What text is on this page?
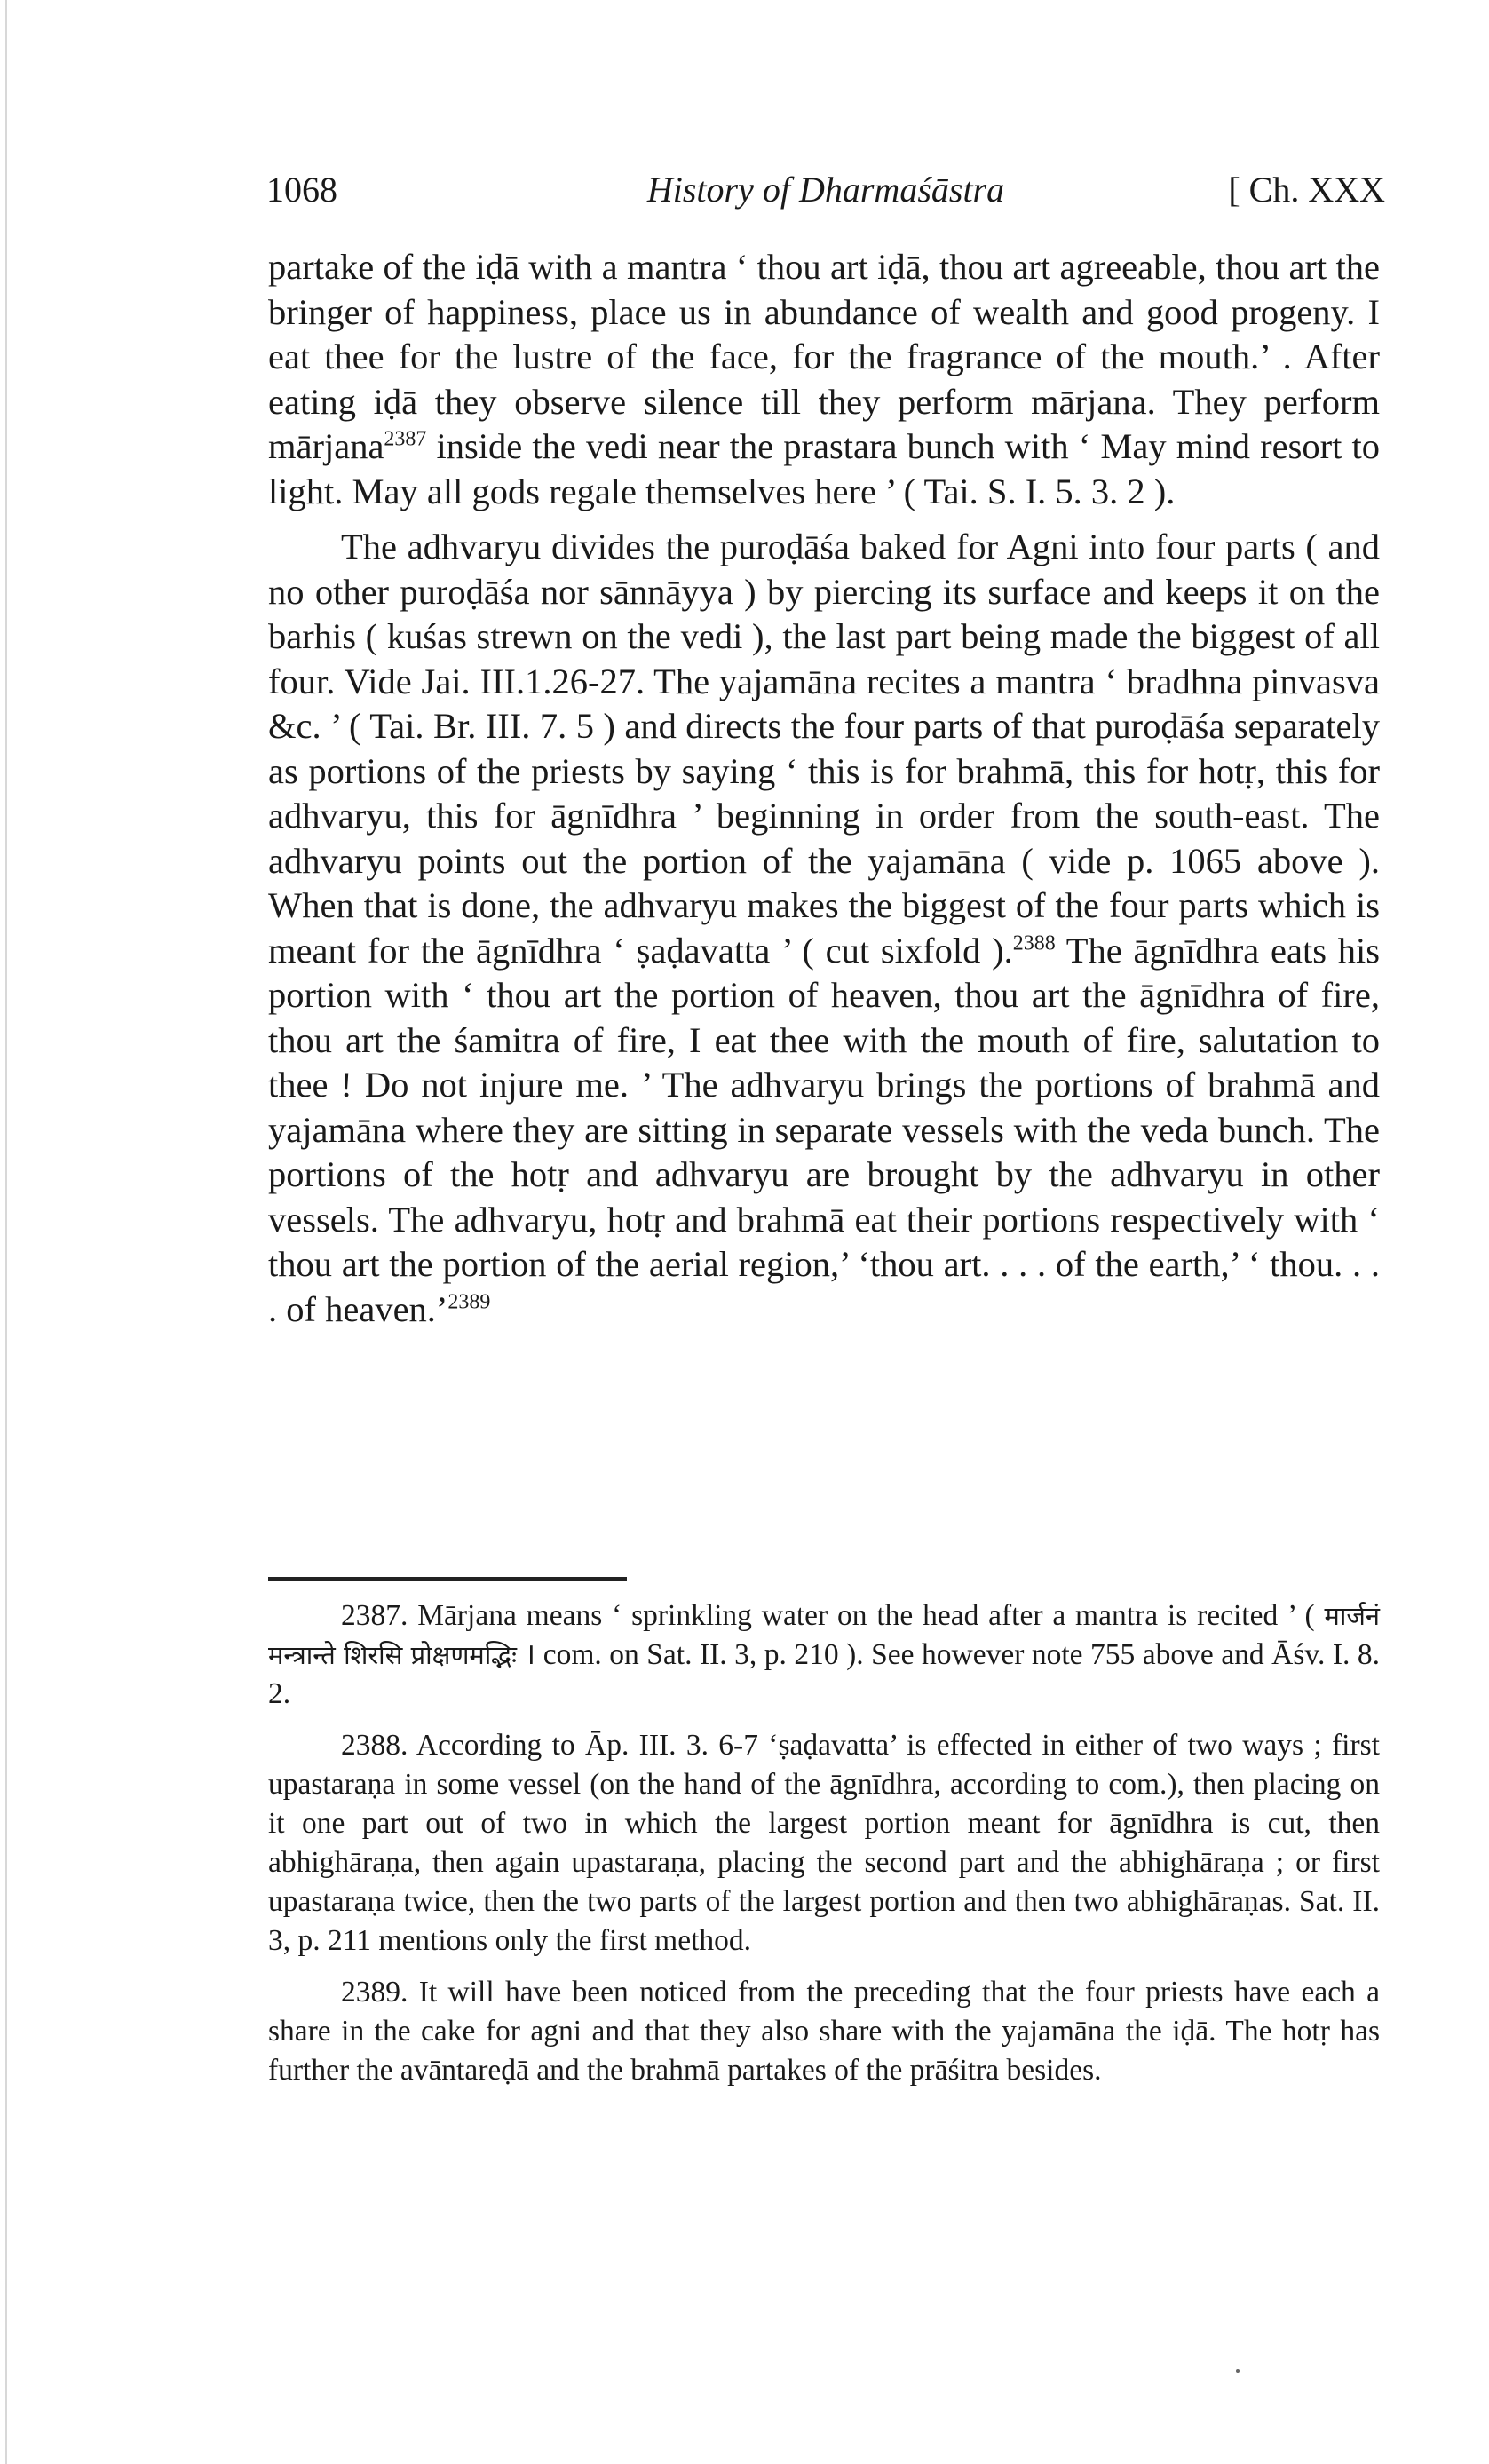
1068	History of Dharmaśāstra	[ Ch. XXX

partake of the iḍā with a mantra ‘ thou art iḍā, thou art agreeable, thou art the bringer of happiness, place us in abundance of wealth and good progeny. I eat thee for the lustre of the face, for the fragrance of the mouth.’ . After eating iḍā they observe silence till they perform mārjana. They perform mārjana$^{2387}$ inside the vedi near the prastara bunch with ‘ May mind resort to light. May all gods regale themselves here ’ ( Tai. S. I. 5. 3. 2 ).

The adhvaryu divides the puroḍāśa baked for Agni into four parts ( and no other puroḍāśa nor sānnāyya ) by piercing its surface and keeps it on the barhis ( kuśas strewn on the vedi ), the last part being made the biggest of all four. Vide Jai. III.1.26-27. The yajamāna recites a mantra ‘ bradhna pinvasva &c. ’ ( Tai. Br. III. 7. 5 ) and directs the four parts of that puroḍāśa separately as portions of the priests by saying ‘ this is for brahmā, this for hotṛ, this for adhvaryu, this for āgnīdhra ’ beginning in order from the south-east. The adhvaryu points out the portion of the yajamāna ( vide p. 1065 above ). When that is done, the adhvaryu makes the biggest of the four parts which is meant for the āgnīdhra ‘ ṣaḍavatta ’ ( cut sixfold ).$^{2388}$ The āgnīdhra eats his portion with ‘ thou art the portion of heaven, thou art the āgnīdhra of fire, thou art the śamitra of fire, I eat thee with the mouth of fire, salutation to thee ! Do not injure me. ’ The adhvaryu brings the portions of brahmā and yajamāna where they are sitting in separate vessels with the veda bunch. The portions of the hotṛ and adhvaryu are brought by the adhvaryu in other vessels. The adhvaryu, hotṛ and brahmā eat their portions respectively with ‘ thou art the portion of the aerial region,’ ‘thou art. . . . of the earth,’ ‘ thou. . . . of heaven.’$^{2389}$

2387. Mārjana means ‘ sprinkling water on the head after a mantra is recited ’ ( मार्जनं मन्त्रान्ते शिरसि प्रोक्षणमद्भिः । com. on Sat. II. 3, p. 210 ). See however note 755 above and Āśv. I. 8. 2.

2388. According to Āp. III. 3. 6-7 ‘ṣaḍavatta’ is effected in either of two ways ; first upastaraṇa in some vessel (on the hand of the āgnīdhra, according to com.), then placing on it one part out of two in which the largest portion meant for āgnīdhra is cut, then abhighāraṇa, then again upastaraṇa, placing the second part and the abhighāraṇa ; or first upastaraṇa twice, then the two parts of the largest portion and then two abhighāraṇas. Sat. II. 3, p. 211 mentions only the first method.

2389. It will have been noticed from the preceding that the four priests have each a share in the cake for agni and that they also share with the yajamāna the iḍā. The hotṛ has further the avāntareḍā and the brahmā partakes of the prāśitra besides.
